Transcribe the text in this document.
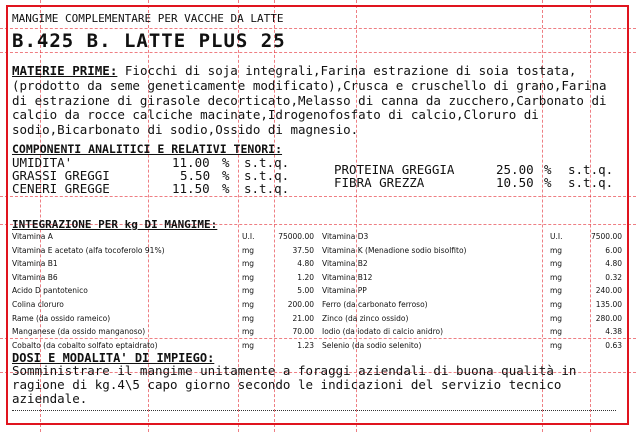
MANGIME COMPLEMENTARE PER VACCHE DA LATTE
B.425 B. LATTE PLUS 25
MATERIE PRIME: Fiocchi di soja integrali,Farina estrazione di soia tostata,(prodotto da seme geneticamente modificato),Crusca e cruschello di grano,Farina di estrazione di girasole decorticato,Melasso di canna da zucchero,Carbonato di calcio da rocce calciche macinate,Idrogenofosfato di calcio,Cloruro di sodio,Bicarbonato di sodio,Ossido di magnesio.
COMPONENTI ANALITICI E RELATIVI TENORI:
UMIDITA'	11.00 % s.t.q.
GRASSI GREGGI	5.50 % s.t.q.
CENERI GREGGE	11.50 % s.t.q.
PROTEINA GREGGIA	25.00 % s.t.q.
FIBRA GREZZA	10.50 % s.t.q.
INTEGRAZIONE PER kg DI MANGIME:
Vitamina A	U.I.	75000.00
Vitamina E acetato (alfa tocoferolo 91%)	mg	37.50
Vitamina B1	mg	4.80
Vitamina B6	mg	1.20
Acido D pantotenico	mg	5.00
Colina cloruro	mg	200.00
Rame (da ossido rameico)	mg	21.00
Manganese (da ossido manganoso)	mg	70.00
Cobalto (da cobalto solfato eptaidrato)	mg	1.23
Vitamina D3	U.I.	7500.00
Vitamina K (Menadione sodio bisolfito)	mg	6.00
Vitamina B2	mg	4.80
Vitamina B12	mg	0.32
Vitamina PP	mg	240.00
Ferro (da carbonato ferroso)	mg	135.00
Zinco (da zinco ossido)	mg	280.00
Iodio (da iodato di calcio anidro)	mg	4.38
Selenio (da sodio selenito)	mg	0.63
DOSI E MODALITA' DI IMPIEGO:
Somministrare il mangime unitamente a foraggi aziendali di buona qualità in ragione di kg.4\5 capo giorno secondo le indicazioni del servizio tecnico aziendale.
